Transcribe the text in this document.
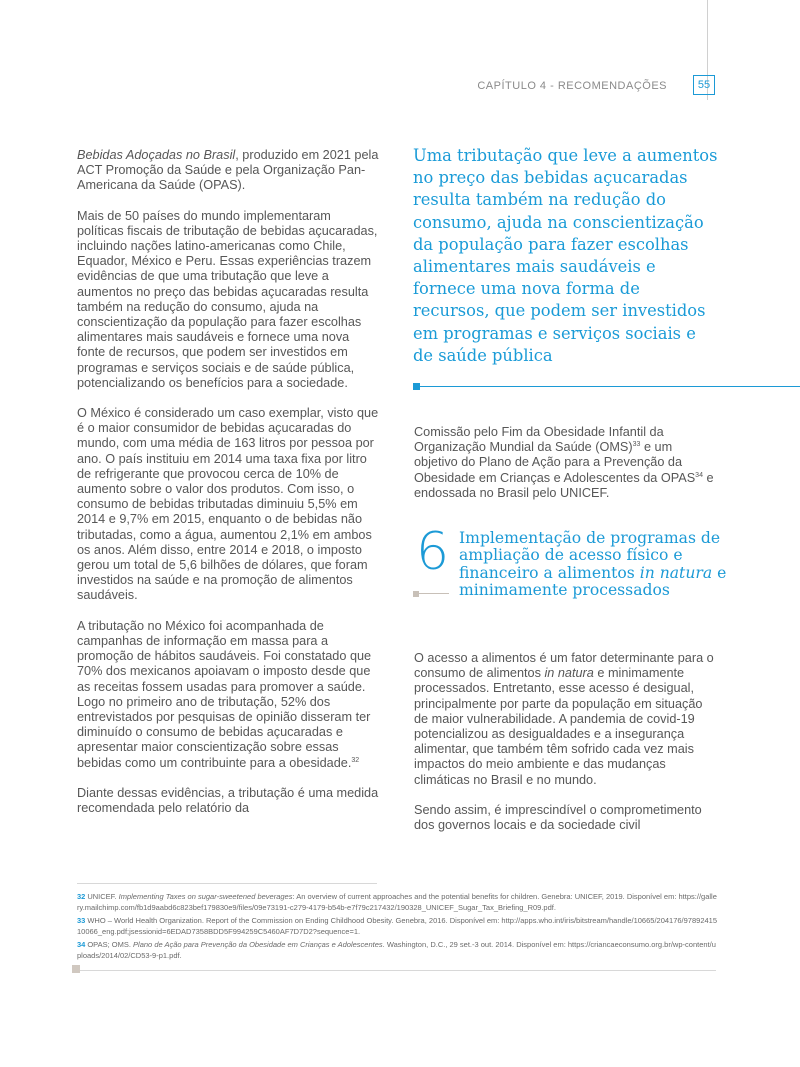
CAPÍTULO 4 - RECOMENDAÇÕES	55

Bebidas Adoçadas no Brasil, produzido em 2021 pela ACT Promoção da Saúde e pela Organização Pan-Americana da Saúde (OPAS).

Mais de 50 países do mundo implementaram políticas fiscais de tributação de bebidas açucaradas, incluindo nações latino-americanas como Chile, Equador, México e Peru. Essas experiências trazem evidências de que uma tributação que leve a aumentos no preço das bebidas açucaradas resulta também na redução do consumo, ajuda na conscientização da população para fazer escolhas alimentares mais saudáveis e fornece uma nova fonte de recursos, que podem ser investidos em programas e serviços sociais e de saúde pública, potencializando os benefícios para a sociedade.

O México é considerado um caso exemplar, visto que é o maior consumidor de bebidas açucaradas do mundo, com uma média de 163 litros por pessoa por ano. O país instituiu em 2014 uma taxa fixa por litro de refrigerante que provocou cerca de 10% de aumento sobre o valor dos produtos. Com isso, o consumo de bebidas tributadas diminuiu 5,5% em 2014 e 9,7% em 2015, enquanto o de bebidas não tributadas, como a água, aumentou 2,1% em ambos os anos. Além disso, entre 2014 e 2018, o imposto gerou um total de 5,6 bilhões de dólares, que foram investidos na saúde e na promoção de alimentos saudáveis.

A tributação no México foi acompanhada de campanhas de informação em massa para a promoção de hábitos saudáveis. Foi constatado que 70% dos mexicanos apoiavam o imposto desde que as receitas fossem usadas para promover a saúde. Logo no primeiro ano de tributação, 52% dos entrevistados por pesquisas de opinião disseram ter diminuído o consumo de bebidas açucaradas e apresentar maior conscientização sobre essas bebidas como um contribuinte para a obesidade.$^{32}$

Diante dessas evidências, a tributação é uma medida recomendada pelo relatório da

Uma tributação que leve a aumentos no preço das bebidas açucaradas resulta também na redução do consumo, ajuda na conscientização da população para fazer escolhas alimentares mais saudáveis e fornece uma nova forma de recursos, que podem ser investidos em programas e serviços sociais e de saúde pública

Comissão pelo Fim da Obesidade Infantil da Organização Mundial da Saúde (OMS)$^{33}$ e um objetivo do Plano de Ação para a Prevenção da Obesidade em Crianças e Adolescentes da OPAS$^{34}$ e endossada no Brasil pelo UNICEF.

6 Implementação de programas de ampliação de acesso físico e financeiro a alimentos in natura e minimamente processados

O acesso a alimentos é um fator determinante para o consumo de alimentos in natura e minimamente processados. Entretanto, esse acesso é desigual, principalmente por parte da população em situação de maior vulnerabilidade. A pandemia de covid-19 potencializou as desigualdades e a insegurança alimentar, que também têm sofrido cada vez mais impactos do meio ambiente e das mudanças climáticas no Brasil e no mundo.

Sendo assim, é imprescindível o comprometimento dos governos locais e da sociedade civil

32 UNICEF. Implementing Taxes on sugar-sweetened beverages: An overview of current approaches and the potential benefits for children. Genebra: UNICEF, 2019. Disponível em: https://gallery.mailchimp.com/fb1d9aabd6c823bef179830e9/files/09e73191-c279-4179-b54b-e7f79c217432/190328_UNICEF_Sugar_Tax_Briefing_R09.pdf.

33 WHO – World Health Organization. Report of the Commission on Ending Childhood Obesity. Genebra, 2016. Disponível em: http://apps.who.int/iris/bitstream/handle/10665/204176/9789241510066_eng.pdf;jsessionid=6EDAD7358BDD5F994259C5460AF7D7D2?sequence=1.

34 OPAS; OMS. Plano de Ação para Prevenção da Obesidade em Crianças e Adolescentes. Washington, D.C., 29 set.-3 out. 2014. Disponível em: https://criancaeconsumo.org.br/wp-content/uploads/2014/02/CD53-9-p1.pdf.
